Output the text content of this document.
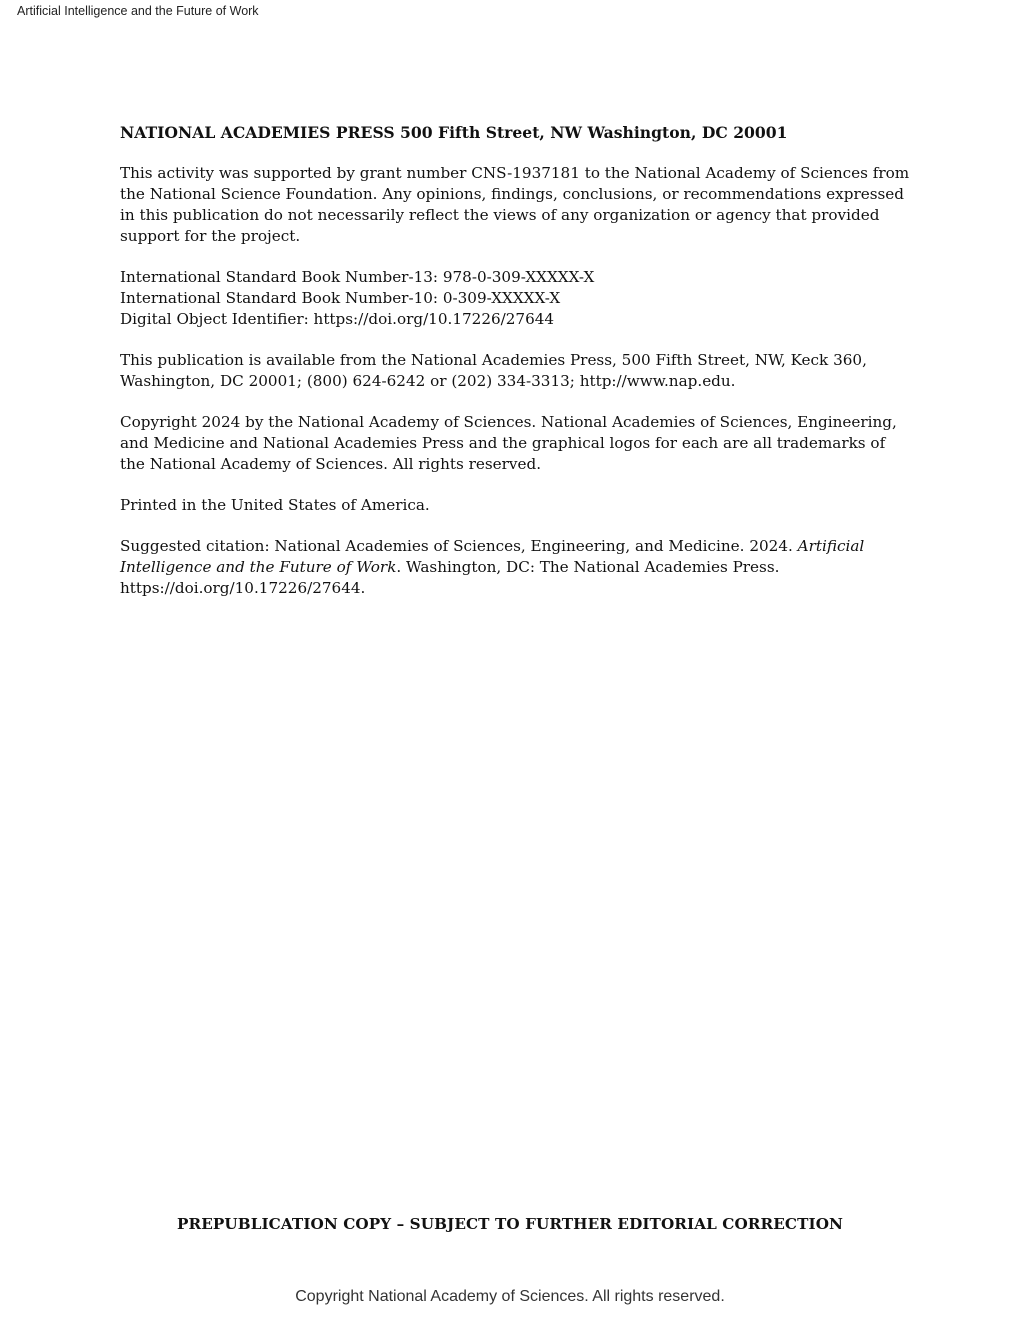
Artificial Intelligence and the Future of Work

NATIONAL ACADEMIES PRESS 500 Fifth Street, NW Washington, DC 20001

This activity was supported by grant number CNS-1937181 to the National Academy of Sciences from the National Science Foundation. Any opinions, findings, conclusions, or recommendations expressed in this publication do not necessarily reflect the views of any organization or agency that provided support for the project.

International Standard Book Number-13: 978-0-309-XXXXX-X
International Standard Book Number-10: 0-309-XXXXX-X
Digital Object Identifier: https://doi.org/10.17226/27644

This publication is available from the National Academies Press, 500 Fifth Street, NW, Keck 360, Washington, DC 20001; (800) 624-6242 or (202) 334-3313; http://www.nap.edu.

Copyright 2024 by the National Academy of Sciences. National Academies of Sciences, Engineering, and Medicine and National Academies Press and the graphical logos for each are all trademarks of the National Academy of Sciences. All rights reserved.

Printed in the United States of America.

Suggested citation: National Academies of Sciences, Engineering, and Medicine. 2024. Artificial Intelligence and the Future of Work. Washington, DC: The National Academies Press. https://doi.org/10.17226/27644.

PREPUBLICATION COPY – SUBJECT TO FURTHER EDITORIAL CORRECTION
Copyright National Academy of Sciences. All rights reserved.
